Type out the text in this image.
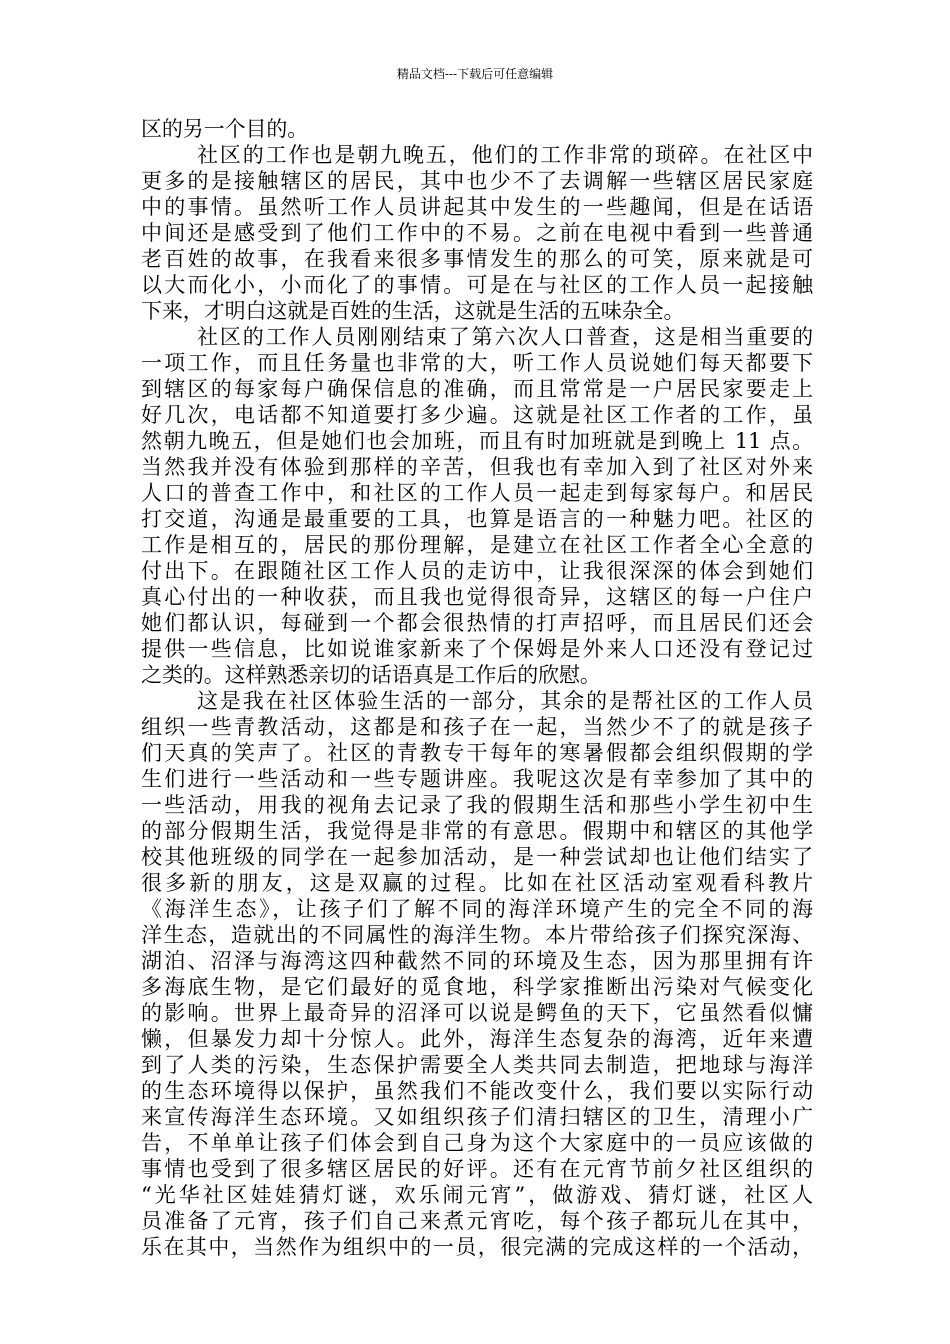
精品文档---下载后可任意编辑
区的另一个目的。
社区的工作也是朝九晚五，他们的工作非常的琐碎。在社区中
更多的是接触辖区的居民，其中也少不了去调解一些辖区居民家庭
中的事情。虽然听工作人员讲起其中发生的一些趣闻，但是在话语
中间还是感受到了他们工作中的不易。之前在电视中看到一些普通
老百姓的故事，在我看来很多事情发生的那么的可笑，原来就是可
以大而化小，小而化了的事情。可是在与社区的工作人员一起接触
下来，才明白这就是百姓的生活，这就是生活的五味杂全。
社区的工作人员刚刚结束了第六次人口普查，这是相当重要的
一项工作，而且任务量也非常的大，听工作人员说她们每天都要下
到辖区的每家每户确保信息的准确，而且常常是一户居民家要走上
好几次，电话都不知道要打多少遍。这就是社区工作者的工作，虽
然朝九晚五，但是她们也会加班，而且有时加班就是到晚上 11 点。
当然我并没有体验到那样的辛苦，但我也有幸加入到了社区对外来
人口的普查工作中，和社区的工作人员一起走到每家每户。和居民
打交道，沟通是最重要的工具，也算是语言的一种魅力吧。社区的
工作是相互的，居民的那份理解，是建立在社区工作者全心全意的
付出下。在跟随社区工作人员的走访中，让我很深深的体会到她们
真心付出的一种收获，而且我也觉得很奇异，这辖区的每一户住户
她们都认识，每碰到一个都会很热情的打声招呼，而且居民们还会
提供一些信息，比如说谁家新来了个保姆是外来人口还没有登记过
之类的。这样熟悉亲切的话语真是工作后的欣慰。
这是我在社区体验生活的一部分，其余的是帮社区的工作人员
组织一些青教活动，这都是和孩子在一起，当然少不了的就是孩子
们天真的笑声了。社区的青教专干每年的寒暑假都会组织假期的学
生们进行一些活动和一些专题讲座。我呢这次是有幸参加了其中的
一些活动，用我的视角去记录了我的假期生活和那些小学生初中生
的部分假期生活，我觉得是非常的有意思。假期中和辖区的其他学
校其他班级的同学在一起参加活动，是一种尝试却也让他们结实了
很多新的朋友，这是双赢的过程。比如在社区活动室观看科教片
《海洋生态》，让孩子们了解不同的海洋环境产生的完全不同的海
洋生态，造就出的不同属性的海洋生物。本片带给孩子们探究深海、
湖泊、沼泽与海湾这四种截然不同的环境及生态，因为那里拥有许
多海底生物，是它们最好的觅食地，科学家推断出污染对气候变化
的影响。世界上最奇异的沼泽可以说是鳄鱼的天下，它虽然看似慵
懒，但暴发力却十分惊人。此外，海洋生态复杂的海湾，近年来遭
到了人类的污染，生态保护需要全人类共同去制造，把地球与海洋
的生态环境得以保护，虽然我们不能改变什么，我们要以实际行动
来宣传海洋生态环境。又如组织孩子们清扫辖区的卫生，清理小广
告，不单单让孩子们体会到自己身为这个大家庭中的一员应该做的
事情也受到了很多辖区居民的好评。还有在元宵节前夕社区组织的
“光华社区娃娃猜灯谜，欢乐闹元宵”，做游戏、猜灯谜，社区人
员准备了元宵，孩子们自己来煮元宵吃，每个孩子都玩儿在其中，
乐在其中，当然作为组织中的一员，很完满的完成这样的一个活动，
